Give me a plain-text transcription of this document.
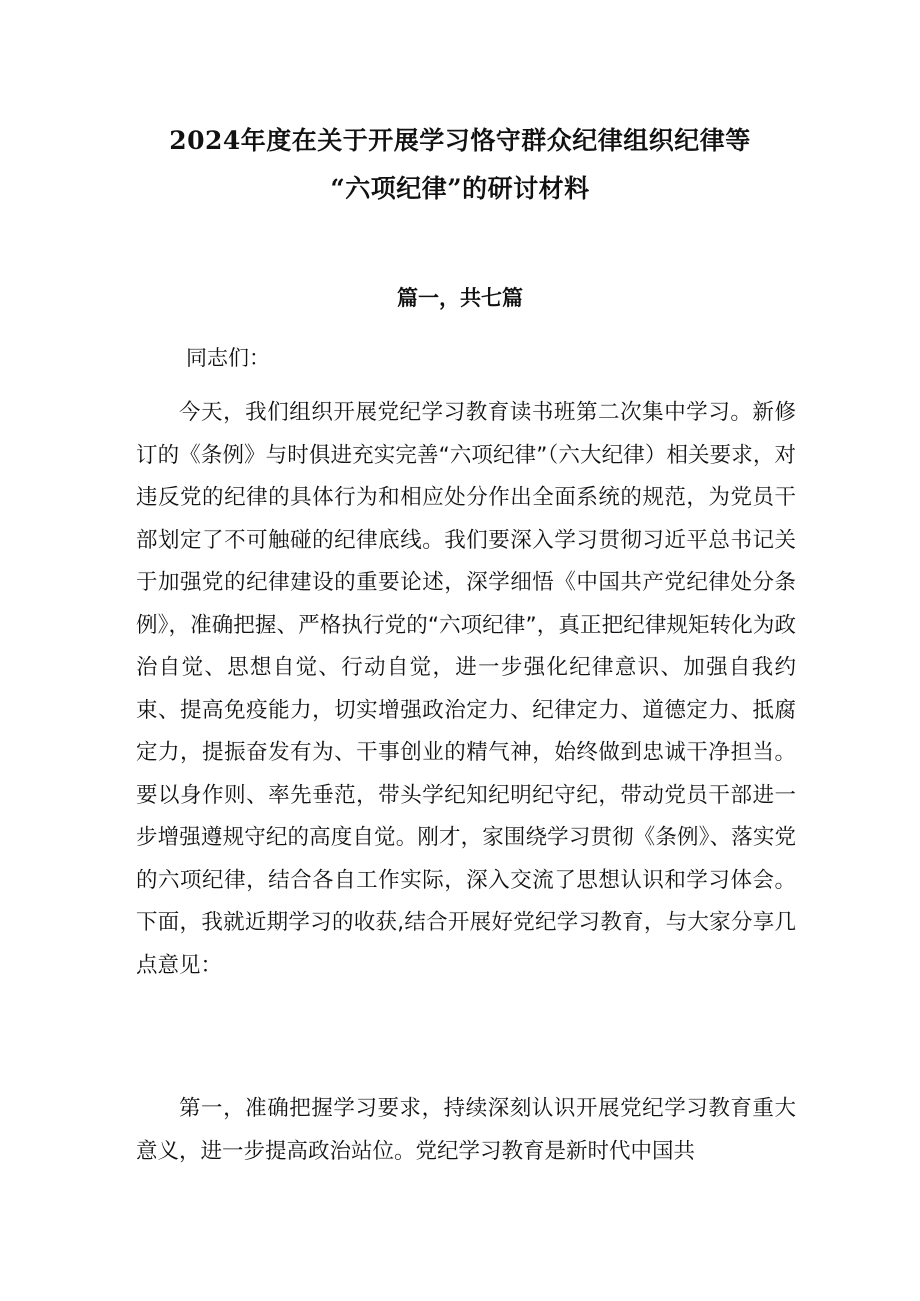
2024年度在关于开展学习恪守群众纪律组织纪律等
“六项纪律”的研讨材料
篇一，共七篇

同志们：

今天，我们组织开展党纪学习教育读书班第二次集中学习。新修订的《条例》与时俱进充实完善“六项纪律”（六大纪律）相关要求，对违反党的纪律的具体行为和相应处分作出全面系统的规范，为党员干部划定了不可触碰的纪律底线。我们要深入学习贯彻习近平总书记关于加强党的纪律建设的重要论述，深学细悟《中国共产党纪律处分条例》，准确把握、严格执行党的“六项纪律”，真正把纪律规矩转化为政治自觉、思想自觉、行动自觉，进一步强化纪律意识、加强自我约束、提高免疫能力，切实增强政治定力、纪律定力、道德定力、抵腐定力，提振奋发有为、干事创业的精气神，始终做到忠诚干净担当。要以身作则、率先垂范，带头学纪知纪明纪守纪，带动党员干部进一步增强遵规守纪的高度自觉。刚才，家围绕学习贯彻《条例》、落实党的六项纪律，结合各自工作实际，深入交流了思想认识和学习体会。下面，我就近期学习的收获,结合开展好党纪学习教育，与大家分享几点意见：

第一，准确把握学习要求，持续深刻认识开展党纪学习教育重大意义，进一步提高政治站位。党纪学习教育是新时代中国共
